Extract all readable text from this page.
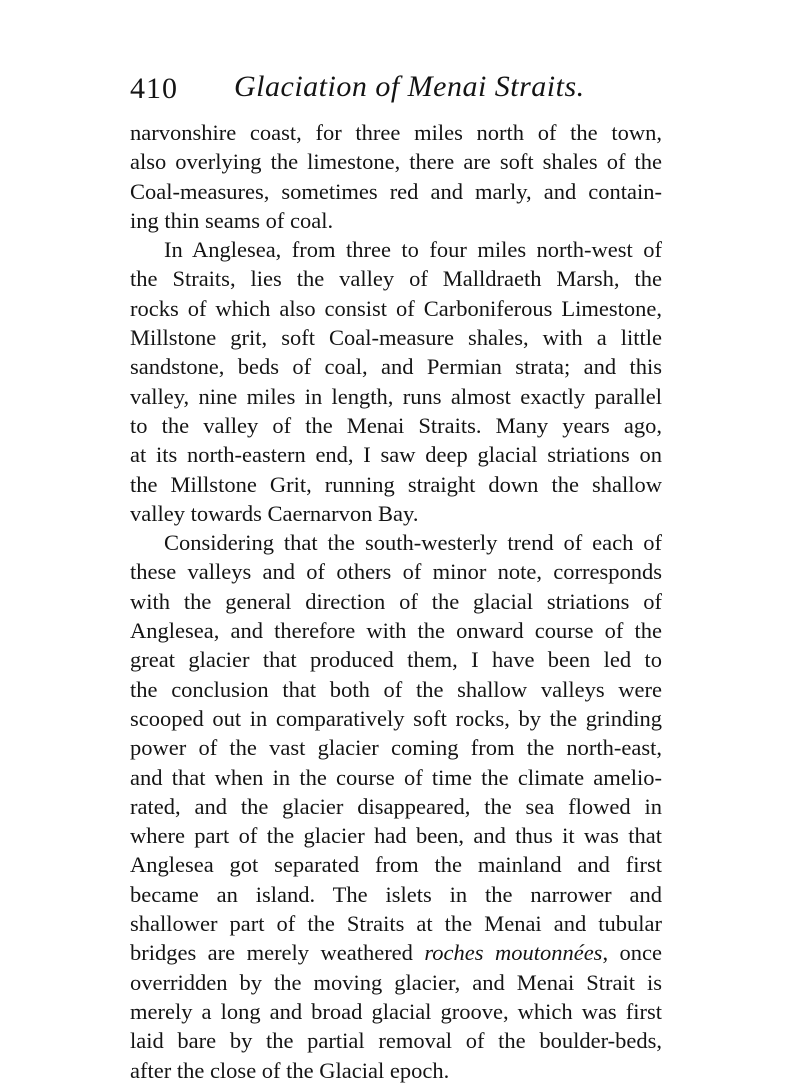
410 Glaciation of Menai Straits.
narvonshire coast, for three miles north of the town,
also overlying the limestone, there are soft shales of the
Coal-measures, sometimes red and marly, and contain-
ing thin seams of coal.
In Anglesea, from three to four miles north-west of
the Straits, lies the valley of Malldraeth Marsh, the
rocks of which also consist of Carboniferous Limestone,
Millstone grit, soft Coal-measure shales, with a little
sandstone, beds of coal, and Permian strata; and this
valley, nine miles in length, runs almost exactly parallel
to the valley of the Menai Straits. Many years ago,
at its north-eastern end, I saw deep glacial striations on
the Millstone Grit, running straight down the shallow
valley towards Caernarvon Bay.
Considering that the south-westerly trend of each of
these valleys and of others of minor note, corresponds
with the general direction of the glacial striations of
Anglesea, and therefore with the onward course of the
great glacier that produced them, I have been led to
the conclusion that both of the shallow valleys were
scooped out in comparatively soft rocks, by the grinding
power of the vast glacier coming from the north-east,
and that when in the course of time the climate amelio-
rated, and the glacier disappeared, the sea flowed in
where part of the glacier had been, and thus it was that
Anglesea got separated from the mainland and first
became an island. The islets in the narrower and
shallower part of the Straits at the Menai and tubular
bridges are merely weathered roches moutonnées, once
overridden by the moving glacier, and Menai Strait is
merely a long and broad glacial groove, which was first
laid bare by the partial removal of the boulder-beds,
after the close of the Glacial epoch.
